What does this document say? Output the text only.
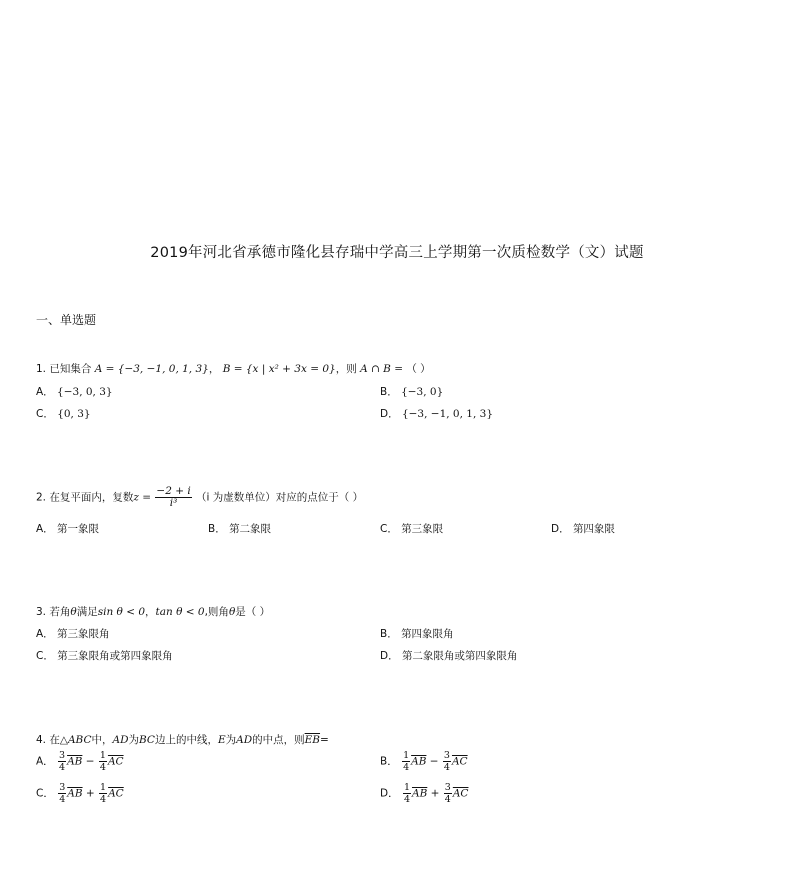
2019年河北省承德市隆化县存瑞中学高三上学期第一次质检数学（文）试题
一、单选题
1. 已知集合 A = {−3, −1, 0, 1, 3}， B = {x | x² + 3x = 0}，则 A ∩ B = （ ）
A． {−3, 0, 3}	B． {−3, 0}
C． {0, 3}	D． {−3, −1, 0, 1, 3}
2. 在复平面内，复数$z = \frac{-2 + i}{\text{i³}} (i$ 为虚数单位）对应的点位于（ ）
A． 第一象限	B． 第二象限	C． 第三象限	D． 第四象限
3. 若角θ满足sin θ < 0，tan θ < 0,则角θ是（ ）
A． 第三象限角	B． 第四象限角
C． 第三象限角或第四象限角	D． 第二象限角或第四象限角
4. 在△ABC中，AD为BC边上的中线，E为AD的中点，则$\overline{EB}=$
A． $\frac{3}{4} \overline{AB} - \frac{1}{4} \overline{AC}$	B． $\frac{1}{4} \overline{AB} - \frac{3}{4} \overline{AC}$
C． $\frac{3}{4} \overline{AB} + \frac{1}{4} \overline{AC}$	D． $\frac{1}{4} \overline{AB} + \frac{3}{4} \overline{AC}$
